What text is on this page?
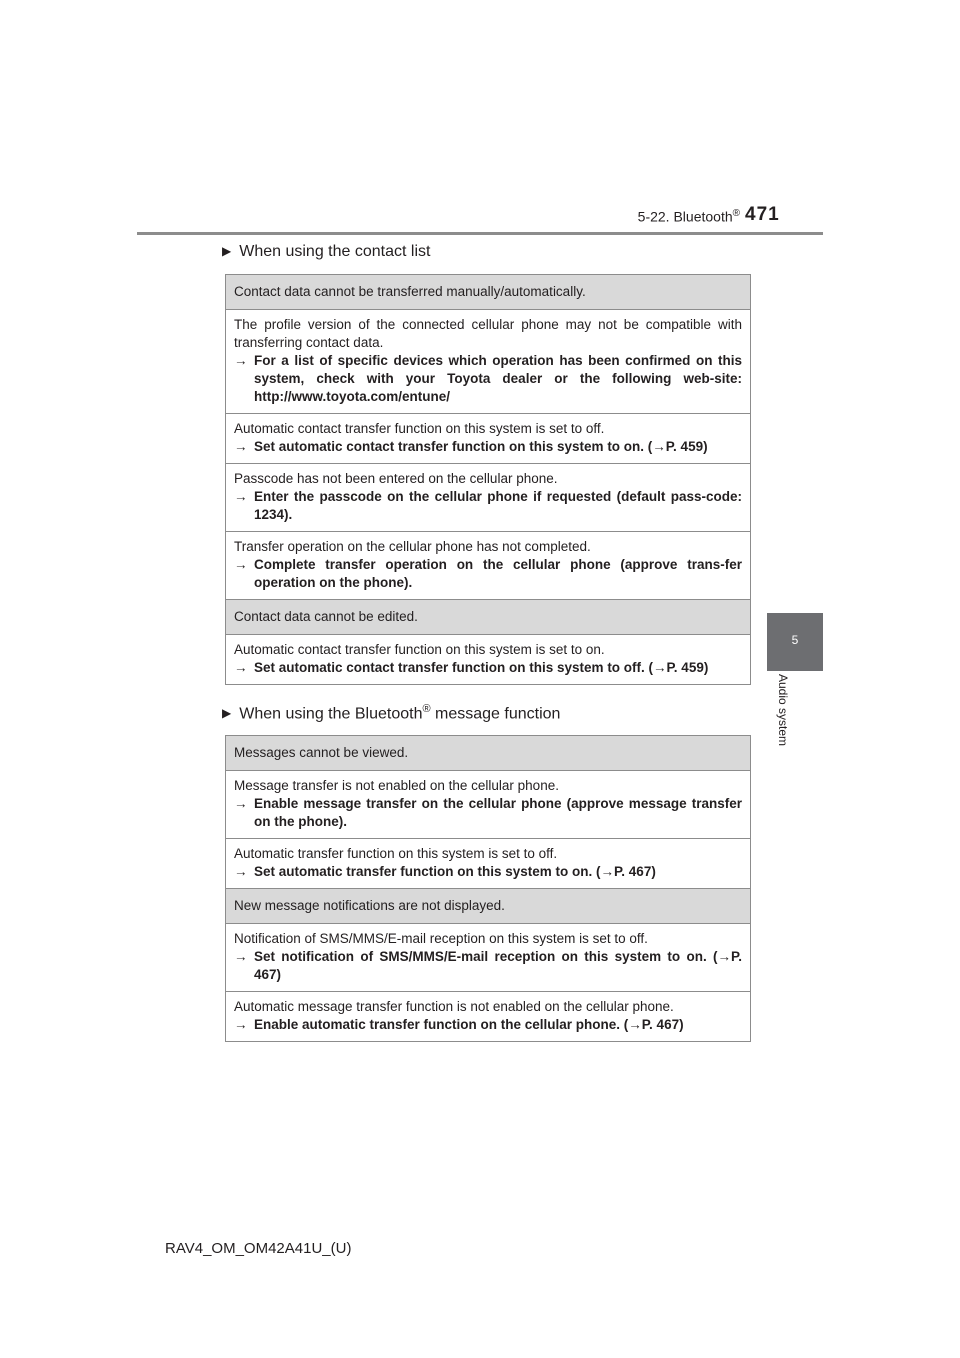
5-22. Bluetooth® 471
5
Audio system
▶ When using the contact list
Contact data cannot be transferred manually/automatically.

The profile version of the connected cellular phone may not be compatible with transferring contact data.
→ For a list of specific devices which operation has been confirmed on this system, check with your Toyota dealer or the following web-site: http://www.toyota.com/entune/

Automatic contact transfer function on this system is set to off.
→ Set automatic contact transfer function on this system to on. (→P. 459)

Passcode has not been entered on the cellular phone.
→ Enter the passcode on the cellular phone if requested (default pass-code: 1234).

Transfer operation on the cellular phone has not completed.
→ Complete transfer operation on the cellular phone (approve trans-fer operation on the phone).

Contact data cannot be edited.

Automatic contact transfer function on this system is set to on.
→ Set automatic contact transfer function on this system to off. (→P. 459)
▶ When using the Bluetooth® message function
Messages cannot be viewed.

Message transfer is not enabled on the cellular phone.
→ Enable message transfer on the cellular phone (approve message transfer on the phone).

Automatic transfer function on this system is set to off.
→ Set automatic transfer function on this system to on. (→P. 467)

New message notifications are not displayed.

Notification of SMS/MMS/E-mail reception on this system is set to off.
→ Set notification of SMS/MMS/E-mail reception on this system to on. (→P. 467)

Automatic message transfer function is not enabled on the cellular phone.
→ Enable automatic transfer function on the cellular phone. (→P. 467)
RAV4_OM_OM42A41U_(U)
